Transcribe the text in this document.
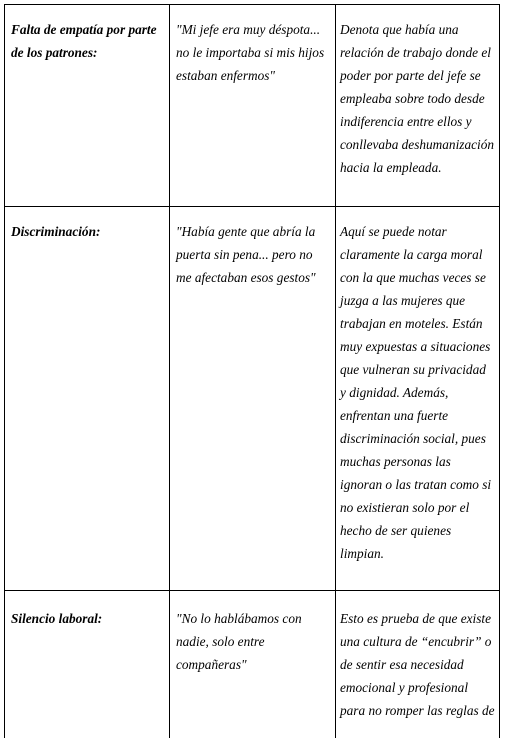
Falta de empatía por parte de los patrones:
"Mi jefe era muy déspota... no le importaba si mis hijos estaban enfermos"
Denota que había una relación de trabajo donde el poder por parte del jefe se empleaba sobre todo desde indiferencia entre ellos y conllevaba deshumanización hacia la empleada.
Discriminación:	"Había gente que abría la puerta sin pena... pero no me afectaban esos gestos"
Aquí se puede notar claramente la carga moral con la que muchas veces se juzga a las mujeres que trabajan en moteles. Están muy expuestas a situaciones que vulneran su privacidad y dignidad. Además, enfrentan una fuerte discriminación social, pues muchas personas las ignoran o las tratan como si no existieran solo por el hecho de ser quienes limpian.
Silencio laboral:	"No lo hablábamos con nadie, solo entre compañeras"
Esto es prueba de que existe una cultura de “encubrir” o de sentir esa necesidad emocional y profesional para no romper las reglas de
